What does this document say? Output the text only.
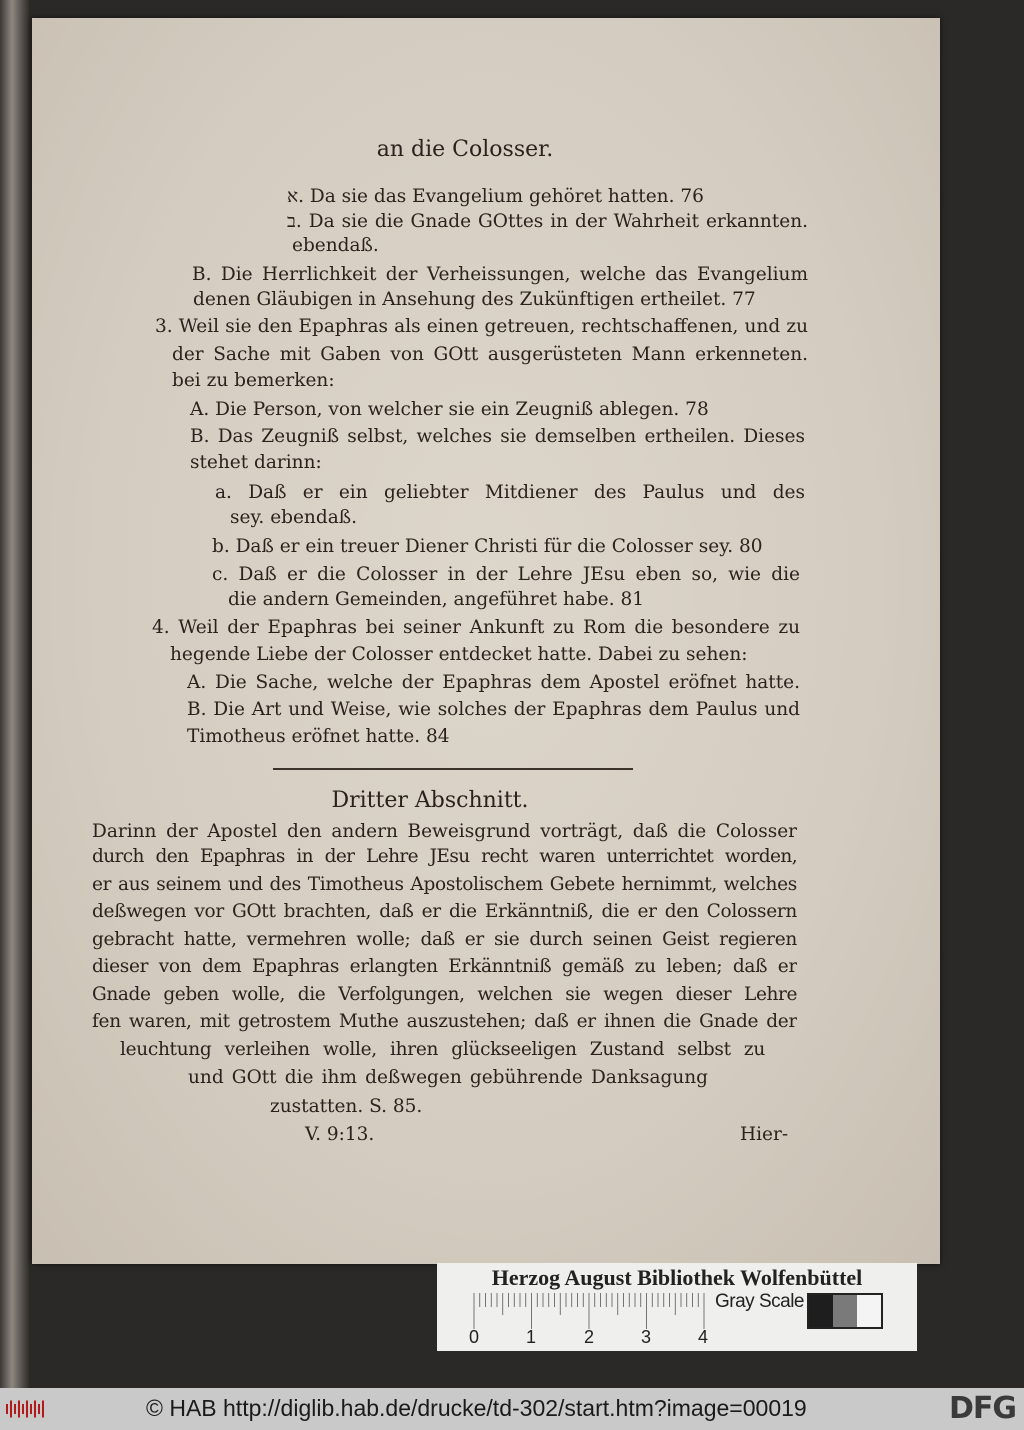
an die Colosser.
א. Da sie das Evangelium gehöret hatten. 76
ב. Da sie die Gnade GOttes in der Wahrheit erkannten.
ebendaß.
B. Die Herrlichkeit der Verheissungen, welche das Evangelium
denen Gläubigen in Ansehung des Zukünftigen ertheilet. 77
3. Weil sie den Epaphras als einen getreuen, rechtschaffenen, und zu
der Sache mit Gaben von GOtt ausgerüsteten Mann erkenneten.
bei zu bemerken:
A. Die Person, von welcher sie ein Zeugniß ablegen. 78
B. Das Zeugniß selbst, welches sie demselben ertheilen. Dieses
stehet darinn:
a. Daß er ein geliebter Mitdiener des Paulus und des
sey. ebendaß.
b. Daß er ein treuer Diener Christi für die Colosser sey. 80
c. Daß er die Colosser in der Lehre JEsu eben so, wie die
die andern Gemeinden, angeführet habe. 81
4. Weil der Epaphras bei seiner Ankunft zu Rom die besondere zu
hegende Liebe der Colosser entdecket hatte. Dabei zu sehen:
A. Die Sache, welche der Epaphras dem Apostel eröfnet hatte.
B. Die Art und Weise, wie solches der Epaphras dem Paulus und
Timotheus eröfnet hatte. 84
Dritter Abschnitt.
Darinn der Apostel den andern Beweisgrund vorträgt, daß die Colosser
durch den Epaphras in der Lehre JEsu recht waren unterrichtet worden,
er aus seinem und des Timotheus Apostolischem Gebete hernimmt, welches
deßwegen vor GOtt brachten, daß er die Erkänntniß, die er den Colossern
gebracht hatte, vermehren wolle; daß er sie durch seinen Geist regieren
dieser von dem Epaphras erlangten Erkänntniß gemäß zu leben; daß er
Gnade geben wolle, die Verfolgungen, welchen sie wegen dieser Lehre
fen waren, mit getrostem Muthe auszustehen; daß er ihnen die Gnade der
leuchtung verleihen wolle, ihren glückseeligen Zustand selbst zu
und GOtt die ihm deßwegen gebührende Danksagung
zustatten. S. 85.
V. 9:13.	Hier-
Herzog August Bibliothek Wolfenbüttel
0	1	2	3	4
Gray Scale
© HAB http://diglib.hab.de/drucke/td-302/start.htm?image=00019	DFG
